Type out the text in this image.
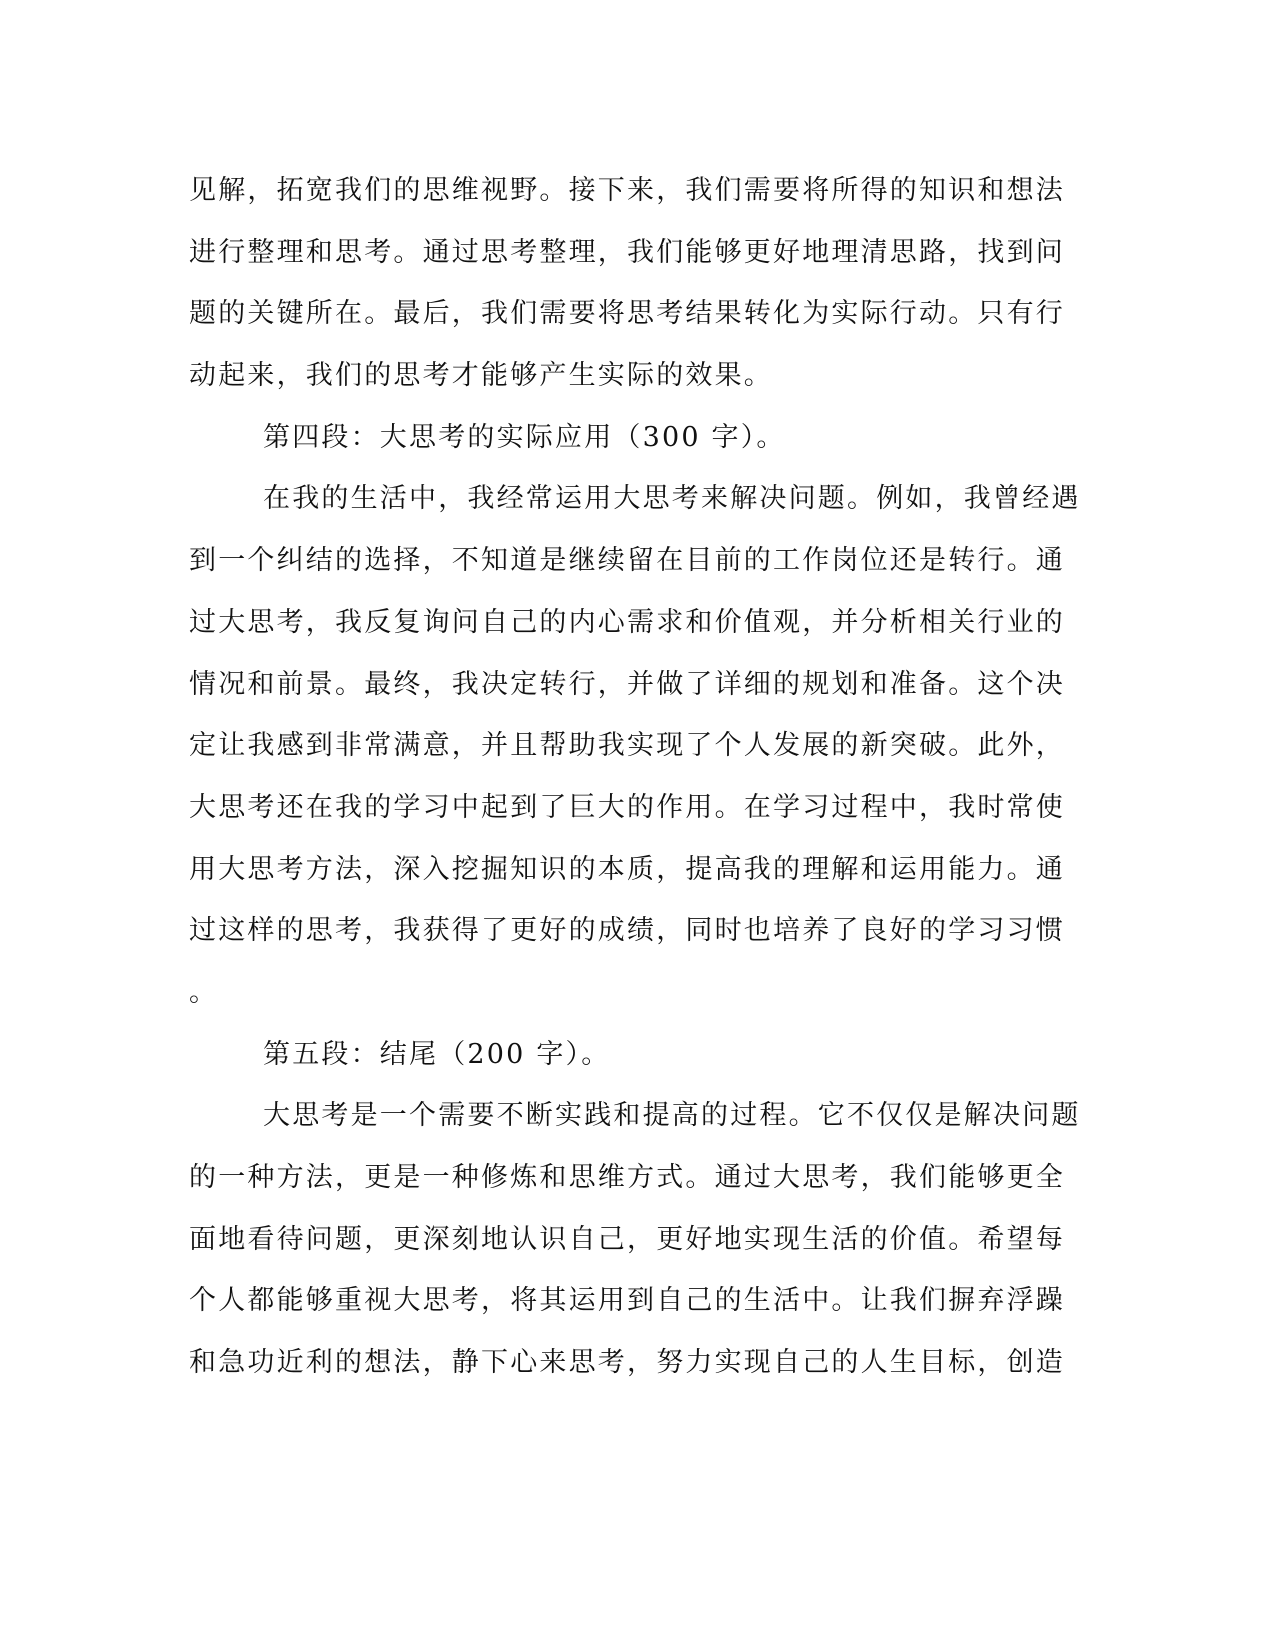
见解，拓宽我们的思维视野。接下来，我们需要将所得的知识和想法
进行整理和思考。通过思考整理，我们能够更好地理清思路，找到问
题的关键所在。最后，我们需要将思考结果转化为实际行动。只有行
动起来，我们的思考才能够产生实际的效果。
第四段：大思考的实际应用（300 字）。
在我的生活中，我经常运用大思考来解决问题。例如，我曾经遇
到一个纠结的选择，不知道是继续留在目前的工作岗位还是转行。通
过大思考，我反复询问自己的内心需求和价值观，并分析相关行业的
情况和前景。最终，我决定转行，并做了详细的规划和准备。这个决
定让我感到非常满意，并且帮助我实现了个人发展的新突破。此外，
大思考还在我的学习中起到了巨大的作用。在学习过程中，我时常使
用大思考方法，深入挖掘知识的本质，提高我的理解和运用能力。通
过这样的思考，我获得了更好的成绩，同时也培养了良好的学习习惯
。
第五段：结尾（200 字）。
大思考是一个需要不断实践和提高的过程。它不仅仅是解决问题
的一种方法，更是一种修炼和思维方式。通过大思考，我们能够更全
面地看待问题，更深刻地认识自己，更好地实现生活的价值。希望每
个人都能够重视大思考，将其运用到自己的生活中。让我们摒弃浮躁
和急功近利的想法，静下心来思考，努力实现自己的人生目标，创造
